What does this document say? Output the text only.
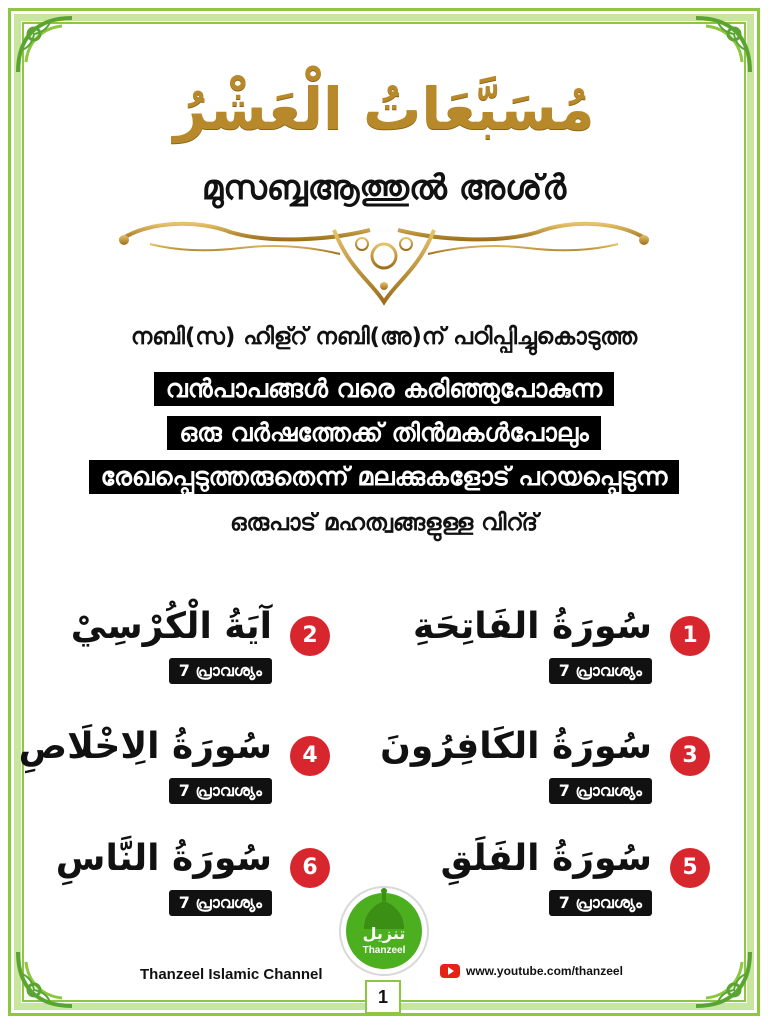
مُسَبَّعَاتُ الْعَشْرُ
മുസബ്ബആത്തുൽ അശ്ർ
നബി(സ) ഹിള്റ് നബി(അ)ന് പഠിപ്പിച്ചുകൊടുത്ത
വൻപാപങ്ങൾ വരെ കരിഞ്ഞുപോകുന്ന
ഒരു വർഷത്തേക്ക് തിൻമകൾപോലും
രേഖപ്പെടുത്തരുതെന്ന് മലക്കുകളോട് പറയപ്പെടുന്ന
ഒരുപാട് മഹത്വങ്ങളുള്ള വിറ്ദ്
سُورَةُ الفَاتِحَةِ	1
7 പ്രാവശ്യം
آيَةُ الْكُرْسِيْ	2
7 പ്രാവശ്യം
سُورَةُ الكَافِرُونَ	3
7 പ്രാവശ്യം
سُورَةُ الِاخْلَاصِ	4
7 പ്രാവശ്യം
سُورَةُ الفَلَقِ	5
7 പ്രാവശ്യം
سُورَةُ النَّاسِ	6
7 പ്രാവശ്യം
تنزيل
Thanzeel
Thanzeel Islamic Channel	www.youtube.com/thanzeel
1
